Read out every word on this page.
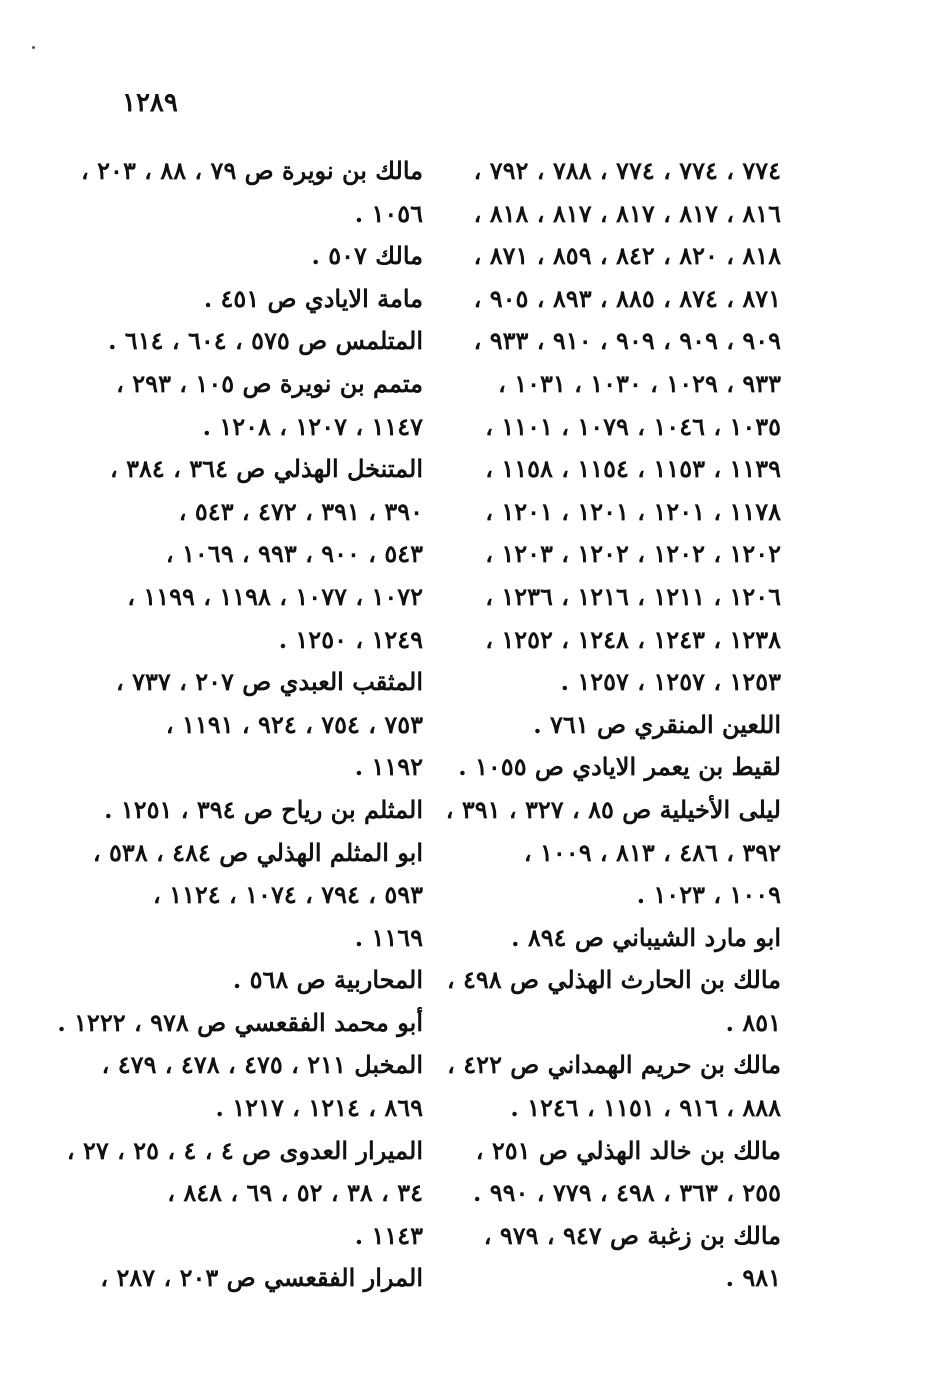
١٢٨٩
٧٧٤ ، ٧٧٤ ، ٧٧٤ ، ٧٨٨ ، ٧٩٢ ،
٨١٦ ، ٨١٧ ، ٨١٧ ، ٨١٧ ، ٨١٨ ،
٨١٨ ، ٨٢٠ ، ٨٤٢ ، ٨٥٩ ، ٨٧١ ،
٨٧١ ، ٨٧٤ ، ٨٨٥ ، ٨٩٣ ، ٩٠٥ ،
٩٠٩ ، ٩٠٩ ، ٩٠٩ ، ٩١٠ ، ٩٣٣ ،
٩٣٣ ، ١٠٢٩ ، ١٠٣٠ ، ١٠٣١ ،
١٠٣٥ ، ١٠٤٦ ، ١٠٧٩ ، ١١٠١ ،
١١٣٩ ، ١١٥٣ ، ١١٥٤ ، ١١٥٨ ،
١١٧٨ ، ١٢٠١ ، ١٢٠١ ، ١٢٠١ ،
١٢٠٢ ، ١٢٠٢ ، ١٢٠٢ ، ١٢٠٣ ،
١٢٠٦ ، ١٢١١ ، ١٢١٦ ، ١٢٣٦ ،
١٢٣٨ ، ١٢٤٣ ، ١٢٤٨ ، ١٢٥٢ ،
١٢٥٣ ، ١٢٥٧ ، ١٢٥٧ .
اللعين المنقري ص ٧٦١ .
لقيط بن يعمر الايادي ص ١٠٥٥ .
ليلى الأخيلية ص ٨٥ ، ٣٢٧ ، ٣٩١ ،
٣٩٢ ، ٤٨٦ ، ٨١٣ ، ١٠٠٩ ،
١٠٠٩ ، ١٠٢٣ .
ابو مارد الشيباني ص ٨٩٤ .
مالك بن الحارث الهذلي ص ٤٩٨ ،
٨٥١ .
مالك بن حريم الهمداني ص ٤٢٢ ،
٨٨٨ ، ٩١٦ ، ١١٥١ ، ١٢٤٦ .
مالك بن خالد الهذلي ص ٢٥١ ،
٢٥٥ ، ٣٦٣ ، ٤٩٨ ، ٧٧٩ ، ٩٩٠ .
مالك بن زغبة ص ٩٤٧ ، ٩٧٩ ،
٩٨١ .
مالك بن نويرة ص ٧٩ ، ٨٨ ، ٢٠٣ ،
١٠٥٦ .
مالك ٥٠٧ .
مامة الايادي ص ٤٥١ .
المتلمس ص ٥٧٥ ، ٦٠٤ ، ٦١٤ .
متمم بن نويرة ص ١٠٥ ، ٢٩٣ ،
١١٤٧ ، ١٢٠٧ ، ١٢٠٨ .
المتنخل الهذلي ص ٣٦٤ ، ٣٨٤ ،
٣٩٠ ، ٣٩١ ، ٤٧٢ ، ٥٤٣ ،
٥٤٣ ، ٩٠٠ ، ٩٩٣ ، ١٠٦٩ ،
١٠٧٢ ، ١٠٧٧ ، ١١٩٨ ، ١١٩٩ ،
١٢٤٩ ، ١٢٥٠ .
المثقب العبدي ص ٢٠٧ ، ٧٣٧ ،
٧٥٣ ، ٧٥٤ ، ٩٢٤ ، ١١٩١ ،
١١٩٢ .
المثلم بن رياح ص ٣٩٤ ، ١٢٥١ .
ابو المثلم الهذلي ص ٤٨٤ ، ٥٣٨ ،
٥٩٣ ، ٧٩٤ ، ١٠٧٤ ، ١١٢٤ ،
١١٦٩ .
المحاربية ص ٥٦٨ .
أبو محمد الفقعسي ص ٩٧٨ ، ١٢٢٢ .
المخبل ٢١١ ، ٤٧٥ ، ٤٧٨ ، ٤٧٩ ،
٨٦٩ ، ١٢١٤ ، ١٢١٧ .
الميرار العدوى ص ٤ ، ٤ ، ٢٥ ، ٢٧ ،
٣٤ ، ٣٨ ، ٥٢ ، ٦٩ ، ٨٤٨ ،
١١٤٣ .
المرار الفقعسي ص ٢٠٣ ، ٢٨٧ ،
